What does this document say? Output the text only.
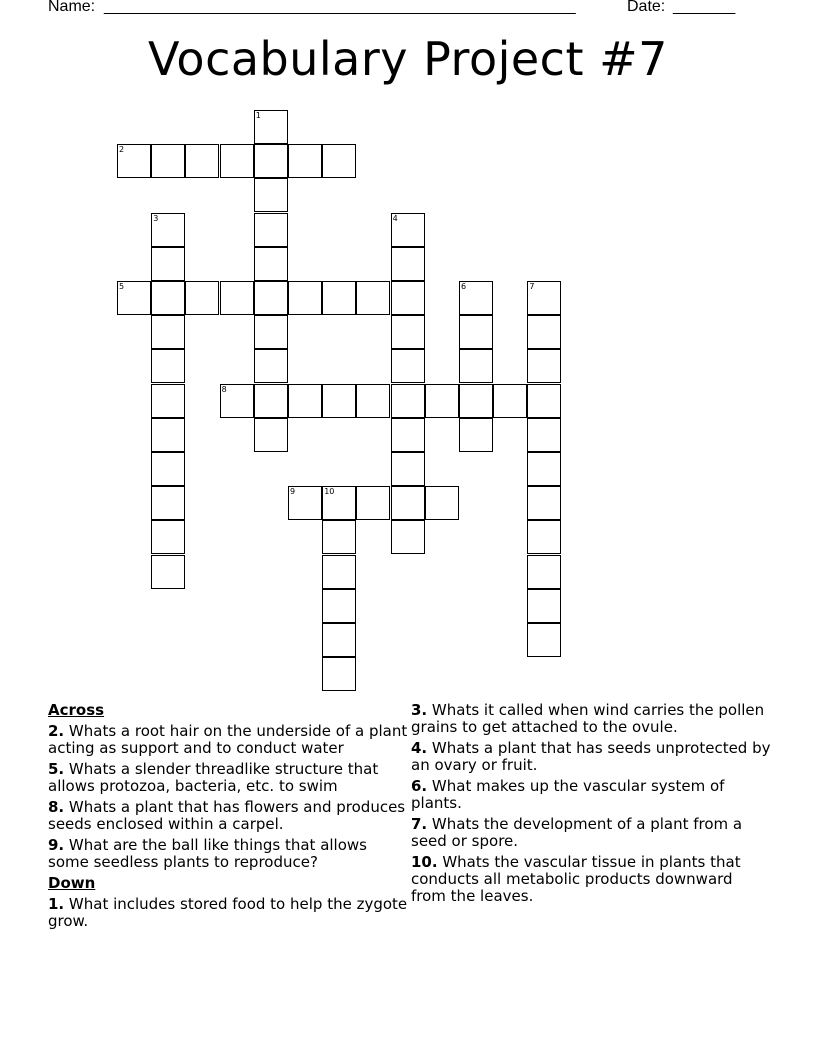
Name: _____________________________________________________	Date: _______
Vocabulary Project #7
1
2
3	4
5	6	7
8
9	10
Across
2. Whats a root hair on the underside of a plant acting as support and to conduct water
5. Whats a slender threadlike structure that allows protozoa, bacteria, etc. to swim
8. Whats a plant that has flowers and produces seeds enclosed within a carpel.
9. What are the ball like things that allows some seedless plants to reproduce?
Down
1. What includes stored food to help the zygote grow.
3. Whats it called when wind carries the pollen grains to get attached to the ovule.
4. Whats a plant that has seeds unprotected by an ovary or fruit.
6. What makes up the vascular system of plants.
7. Whats the development of a plant from a seed or spore.
10. Whats the vascular tissue in plants that conducts all metabolic products downward from the leaves.
